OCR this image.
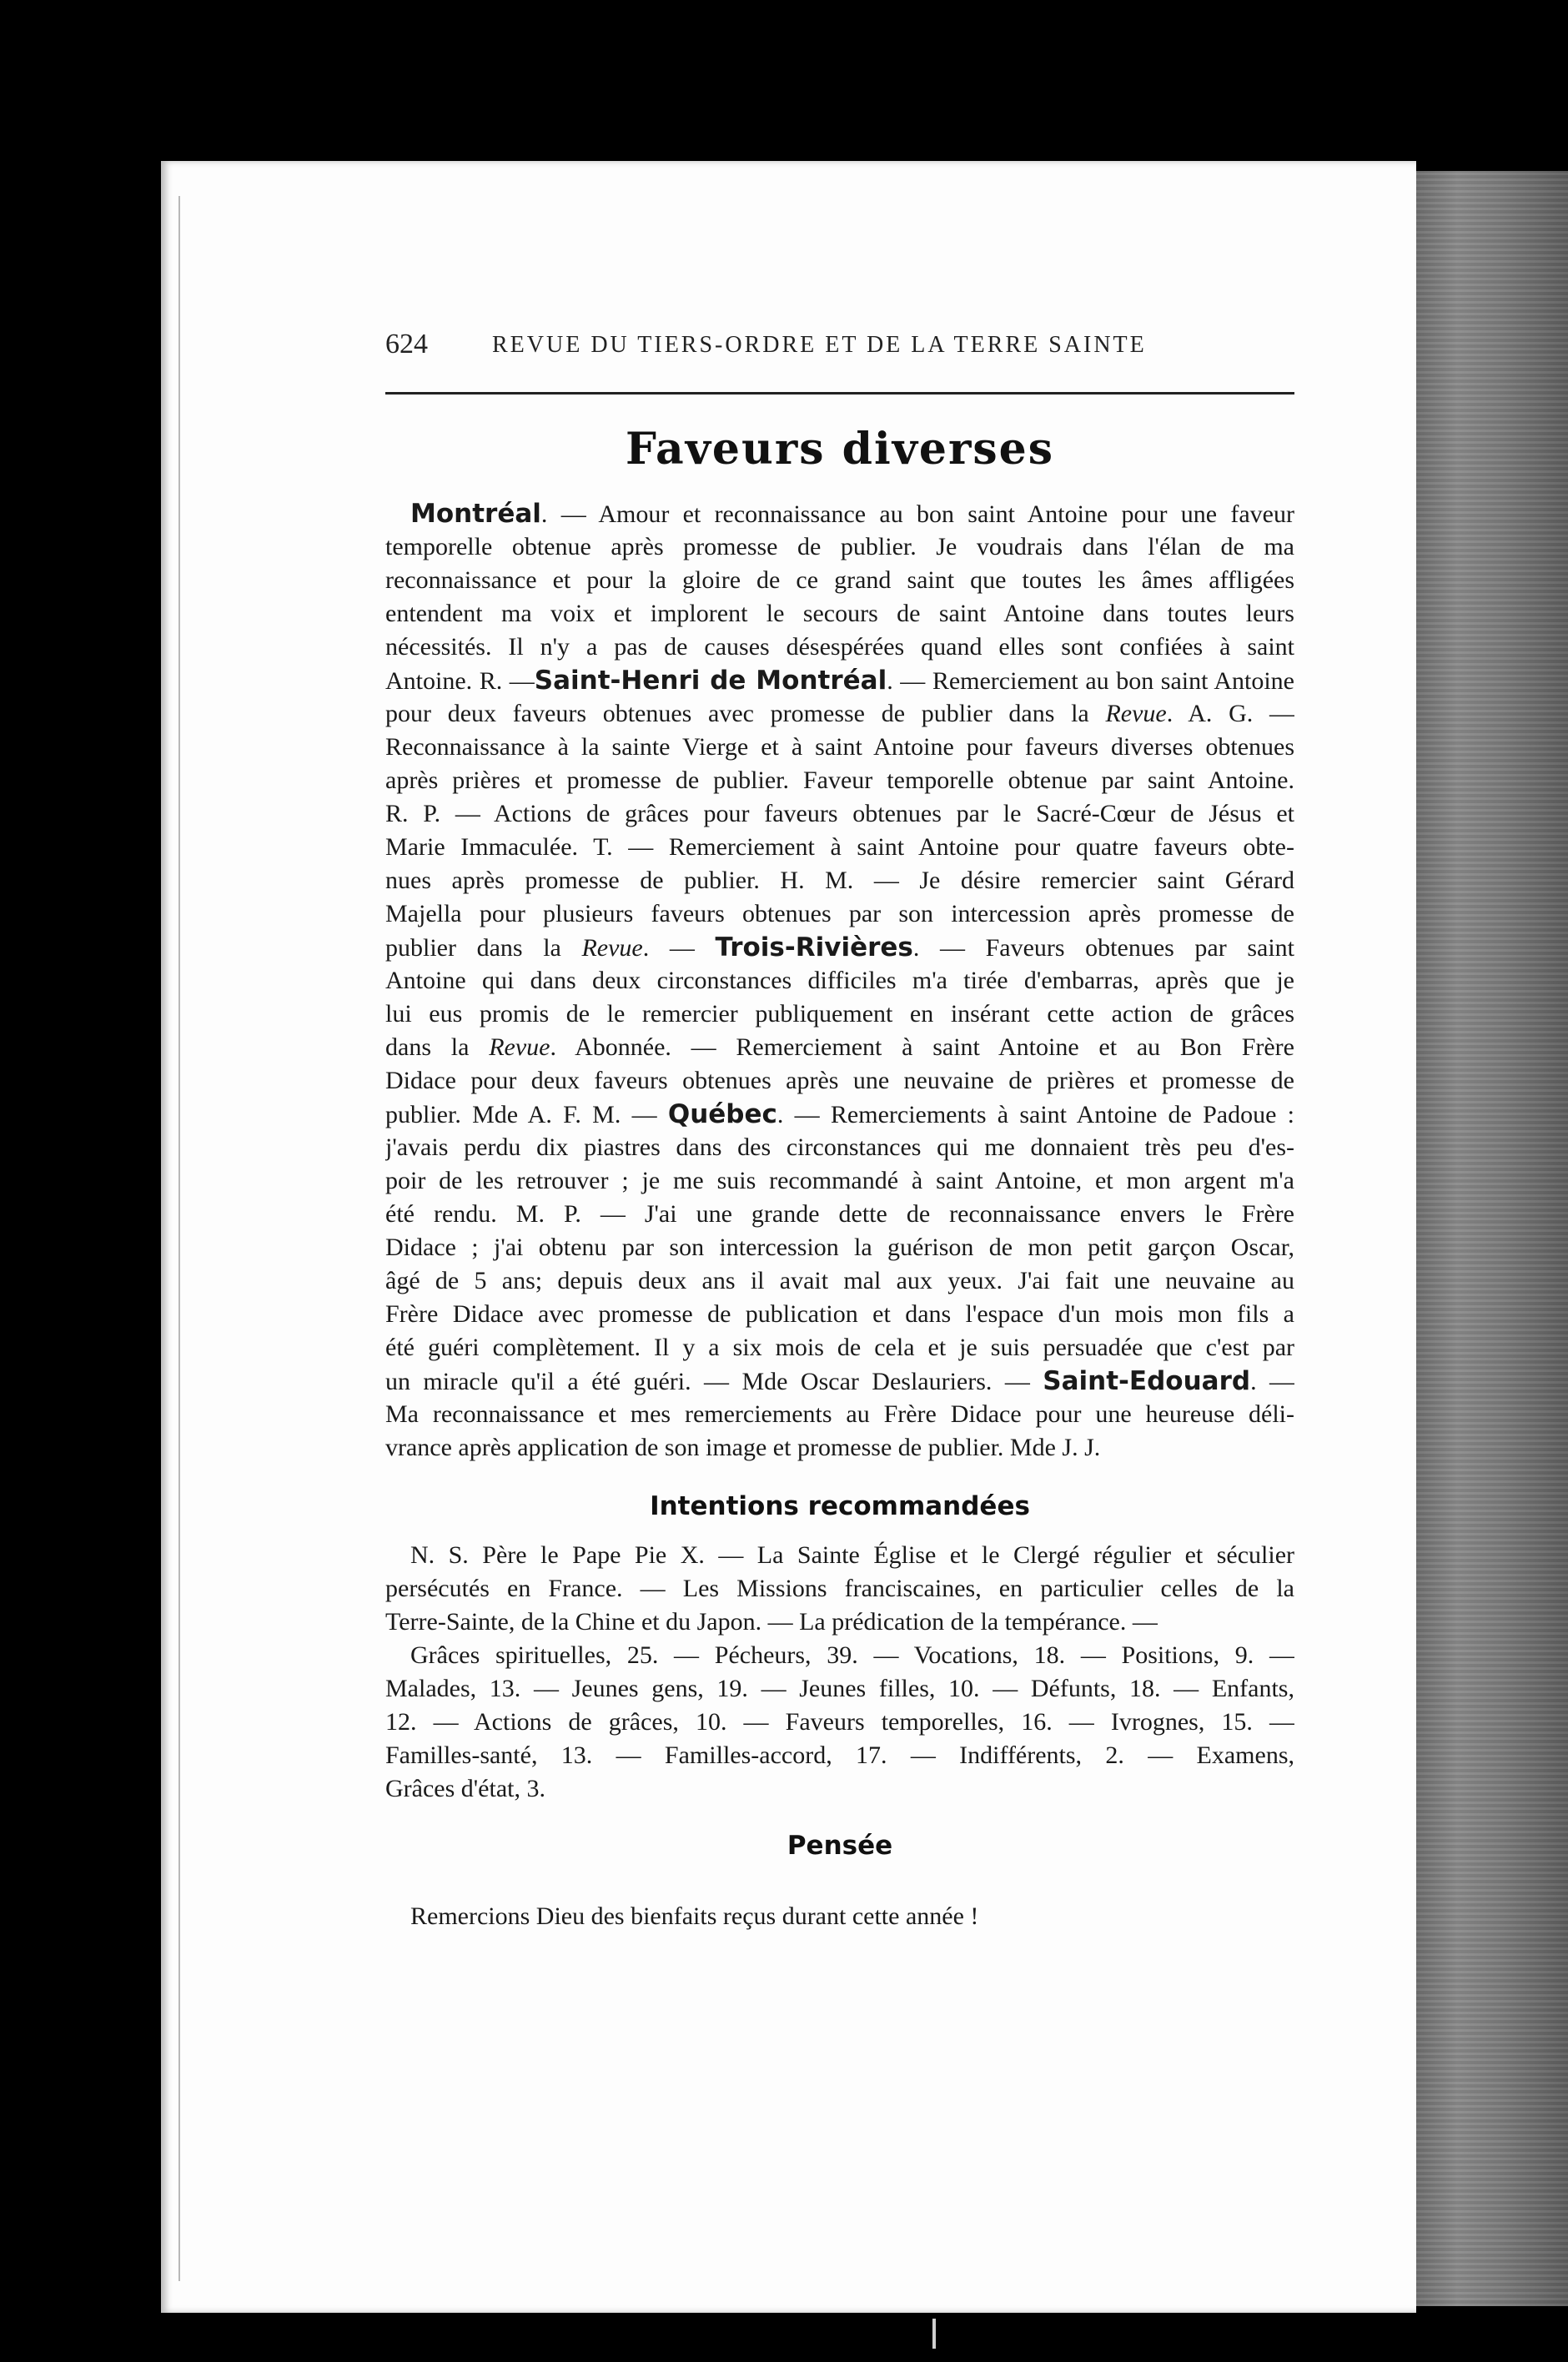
624	REVUE DU TIERS-ORDRE ET DE LA TERRE SAINTE
Faveurs diverses
Montréal. — Amour et reconnaissance au bon saint Antoine pour une faveur
temporelle obtenue après promesse de publier. Je voudrais dans l'élan de ma
reconnaissance et pour la gloire de ce grand saint que toutes les âmes affligées
entendent ma voix et implorent le secours de saint Antoine dans toutes leurs
nécessités. Il n'y a pas de causes désespérées quand elles sont confiées à saint
Antoine. R. —Saint-Henri de Montréal. — Remerciement au bon saint Antoine
pour deux faveurs obtenues avec promesse de publier dans la Revue. A. G. —
Reconnaissance à la sainte Vierge et à saint Antoine pour faveurs diverses obtenues
après prières et promesse de publier. Faveur temporelle obtenue par saint Antoine.
R. P. — Actions de grâces pour faveurs obtenues par le Sacré-Cœur de Jésus et
Marie Immaculée. T. — Remerciement à saint Antoine pour quatre faveurs obte-
nues après promesse de publier. H. M. — Je désire remercier saint Gérard
Majella pour plusieurs faveurs obtenues par son intercession après promesse de
publier dans la Revue. — Trois-Rivières. — Faveurs obtenues par saint
Antoine qui dans deux circonstances difficiles m'a tirée d'embarras, après que je
lui eus promis de le remercier publiquement en insérant cette action de grâces
dans la Revue. Abonnée. — Remerciement à saint Antoine et au Bon Frère
Didace pour deux faveurs obtenues après une neuvaine de prières et promesse de
publier. Mde A. F. M. — Québec. — Remerciements à saint Antoine de Padoue :
j'avais perdu dix piastres dans des circonstances qui me donnaient très peu d'es-
poir de les retrouver ; je me suis recommandé à saint Antoine, et mon argent m'a
été rendu. M. P. — J'ai une grande dette de reconnaissance envers le Frère
Didace ; j'ai obtenu par son intercession la guérison de mon petit garçon Oscar,
âgé de 5 ans; depuis deux ans il avait mal aux yeux. J'ai fait une neuvaine au
Frère Didace avec promesse de publication et dans l'espace d'un mois mon fils a
été guéri complètement. Il y a six mois de cela et je suis persuadée que c'est par
un miracle qu'il a été guéri. — Mde Oscar Deslauriers. — Saint-Edouard. —
Ma reconnaissance et mes remerciements au Frère Didace pour une heureuse déli-
vrance après application de son image et promesse de publier. Mde J. J.
Intentions recommandées
N. S. Père le Pape Pie X. — La Sainte Église et le Clergé régulier et séculier
persécutés en France. — Les Missions franciscaines, en particulier celles de la
Terre-Sainte, de la Chine et du Japon. — La prédication de la tempérance. —
Grâces spirituelles, 25. — Pécheurs, 39. — Vocations, 18. — Positions, 9. —
Malades, 13. — Jeunes gens, 19. — Jeunes filles, 10. — Défunts, 18. — Enfants,
12. — Actions de grâces, 10. — Faveurs temporelles, 16. — Ivrognes, 15. —
Familles-santé, 13. — Familles-accord, 17. — Indifférents, 2. — Examens,
Grâces d'état, 3.
Pensée
Remercions Dieu des bienfaits reçus durant cette année !
